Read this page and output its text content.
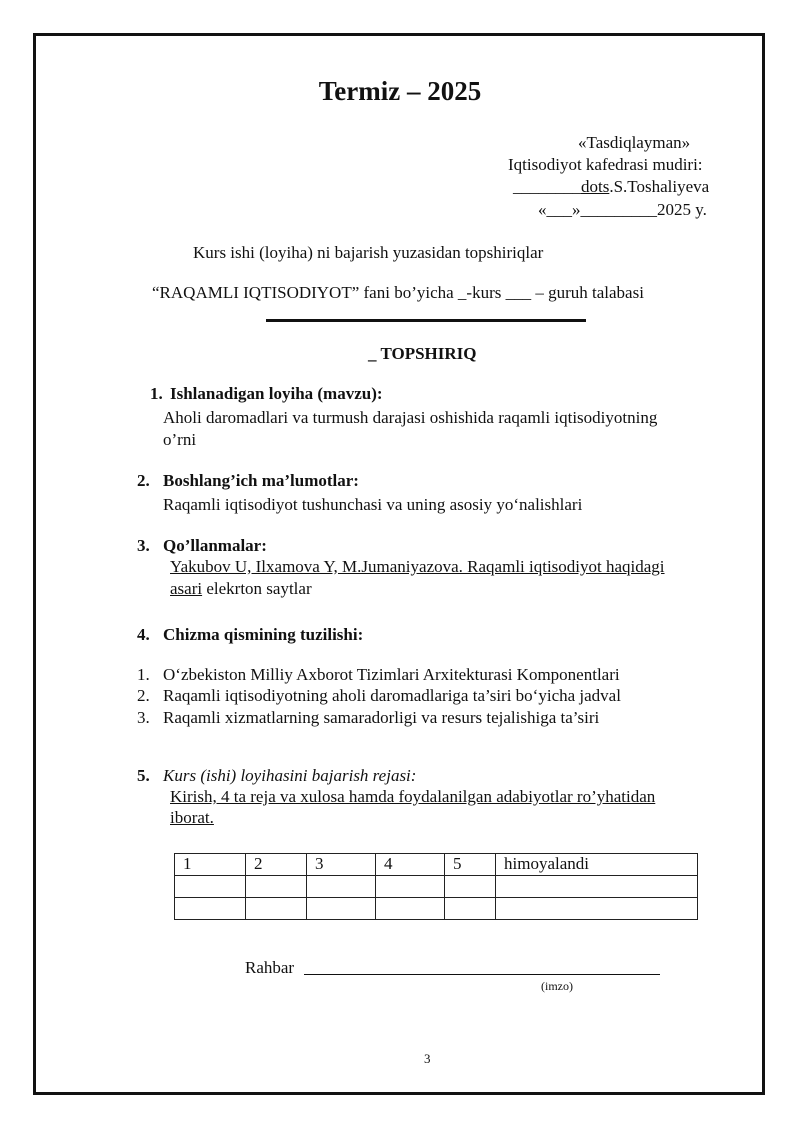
Termiz – 2025
«Tasdiqlayman»
Iqtisodiyot kafedrasi mudiri:
________dots.S.Toshaliyeva
«___»_________2025 y.
Kurs ishi (loyiha) ni bajarish yuzasidan topshiriqlar
“RAQAMLI IQTISODIYOT” fani bo’yicha _-kurs ___ – guruh talabasi
_ TOPSHIRIQ
1. Ishlanadigan loyiha (mavzu):
Aholi daromadlari va turmush darajasi oshishida raqamli iqtisodiyotning
o’rni
2. Boshlang’ich ma’lumotlar:
Raqamli iqtisodiyot tushunchasi va uning asosiy yo‘nalishlari
3. Qo’llanmalar:
Yakubov U, Ilxamova Y, M.Jumaniyazova. Raqamli iqtisodiyot haqidagi
asari elekrton saytlar
4. Chizma qismining tuzilishi:
1. O‘zbekiston Milliy Axborot Tizimlari Arxitekturasi Komponentlari
2. Raqamli iqtisodiyotning aholi daromadlariga ta’siri bo‘yicha jadval
3. Raqamli xizmatlarning samaradorligi va resurs tejalishiga ta’siri
5. Kurs (ishi) loyihasini bajarish rejasi:
Kirish, 4 ta reja va xulosa hamda foydalanilgan adabiyotlar ro’yhatidan
iborat.
1	2	3	4	5	himoyalandi

Rahbar
(imzo)
3
